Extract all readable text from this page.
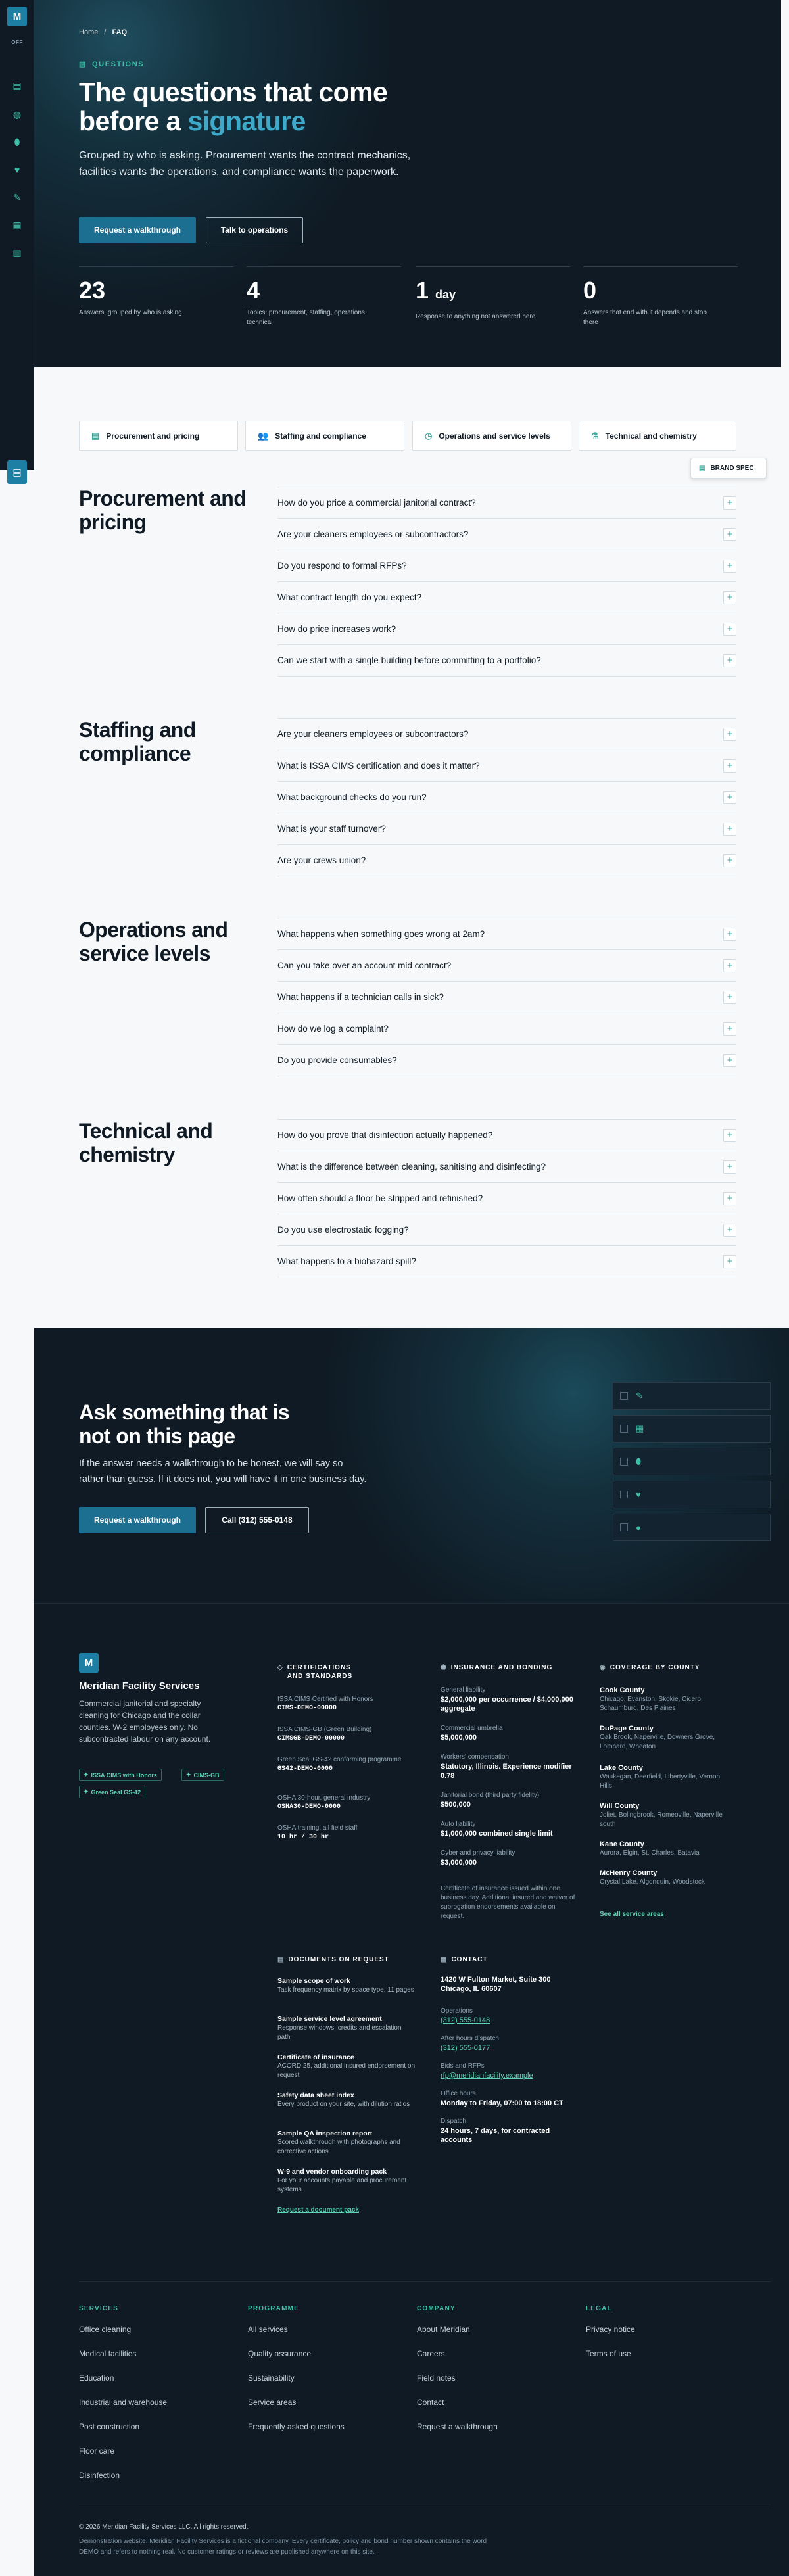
M
OFF
▤
◍
⬮
♥
✎
▦
▥
▤
Home / FAQ
▤ QUESTIONS
The questions that come before a signature
Grouped by who is asking. Procurement wants the contract mechanics, facilities wants the operations, and compliance wants the paperwork.
Request a walkthrough	Talk to operations
23
Answers, grouped by who is asking
4
Topics: procurement, staffing, operations, technical
1 day
Response to anything not answered here
0
Answers that end with it depends and stop there
▤ Procurement and pricing	👥 Staffing and compliance	◷ Operations and service levels	⚗ Technical and chemistry
▤ BRAND SPEC
Procurement and pricing
How do you price a commercial janitorial contract?	+
Are your cleaners employees or subcontractors?	+
Do you respond to formal RFPs?	+
What contract length do you expect?	+
How do price increases work?	+
Can we start with a single building before committing to a portfolio?	+
Staffing and compliance
Are your cleaners employees or subcontractors?	+
What is ISSA CIMS certification and does it matter?	+
What background checks do you run?	+
What is your staff turnover?	+
Are your crews union?	+
Operations and service levels
What happens when something goes wrong at 2am?	+
Can you take over an account mid contract?	+
What happens if a technician calls in sick?	+
How do we log a complaint?	+
Do you provide consumables?	+
Technical and chemistry
How do you prove that disinfection actually happened?	+
What is the difference between cleaning, sanitising and disinfecting?	+
How often should a floor be stripped and refinished?	+
Do you use electrostatic fogging?	+
What happens to a biohazard spill?	+
Ask something that is not on this page
If the answer needs a walkthrough to be honest, we will say so rather than guess. If it does not, you will have it in one business day.
Request a walkthrough	Call (312) 555-0148
✎
▦
⬮
♥
●
M
Meridian Facility Services
Commercial janitorial and specialty cleaning for Chicago and the collar counties. W-2 employees only. No subcontracted labour on any account.
✦ ISSA CIMS with Honors	✦ CIMS-GB
✦ Green Seal GS-42
◇ CERTIFICATIONS
AND STANDARDS
ISSA CIMS Certified with Honors
CIMS-DEMO-00000
ISSA CIMS-GB (Green Building)
CIMSGB-DEMO-00000
Green Seal GS-42 conforming programme
GS42-DEMO-0000
OSHA 30-hour, general industry
OSHA30-DEMO-0000
OSHA training, all field staff
10 hr / 30 hr
⬟ INSURANCE AND BONDING
General liability
$2,000,000 per occurrence / $4,000,000 aggregate
Commercial umbrella
$5,000,000
Workers' compensation
Statutory, Illinois. Experience modifier 0.78
Janitorial bond (third party fidelity)
$500,000
Auto liability
$1,000,000 combined single limit
Cyber and privacy liability
$3,000,000
Certificate of insurance issued within one business day. Additional insured and waiver of subrogation endorsements available on request.
◉ COVERAGE BY COUNTY
Cook County
Chicago, Evanston, Skokie, Cicero, Schaumburg, Des Plaines
DuPage County
Oak Brook, Naperville, Downers Grove, Lombard, Wheaton
Lake County
Waukegan, Deerfield, Libertyville, Vernon Hills
Will County
Joliet, Bolingbrook, Romeoville, Naperville south
Kane County
Aurora, Elgin, St. Charles, Batavia
McHenry County
Crystal Lake, Algonquin, Woodstock
See all service areas
▤ DOCUMENTS ON REQUEST
Sample scope of work
Task frequency matrix by space type, 11 pages
Sample service level agreement
Response windows, credits and escalation path
Certificate of insurance
ACORD 25, additional insured endorsement on request
Safety data sheet index
Every product on your site, with dilution ratios
Sample QA inspection report
Scored walkthrough with photographs and corrective actions
W-9 and vendor onboarding pack
For your accounts payable and procurement systems
Request a document pack
▦ CONTACT
1420 W Fulton Market, Suite 300 Chicago, IL 60607
Operations
(312) 555-0148
After hours dispatch
(312) 555-0177
Bids and RFPs
rfp@meridianfacility.example
Office hours
Monday to Friday, 07:00 to 18:00 CT
Dispatch
24 hours, 7 days, for contracted accounts
SERVICES
Office cleaning
Medical facilities
Education
Industrial and warehouse
Post construction
Floor care
Disinfection
PROGRAMME
All services
Quality assurance
Sustainability
Service areas
Frequently asked questions
COMPANY
About Meridian
Careers
Field notes
Contact
Request a walkthrough
LEGAL
Privacy notice
Terms of use
© 2026 Meridian Facility Services LLC. All rights reserved.
Demonstration website. Meridian Facility Services is a fictional company. Every certificate, policy and bond number shown contains the word DEMO and refers to nothing real. No customer ratings or reviews are published anywhere on this site.
